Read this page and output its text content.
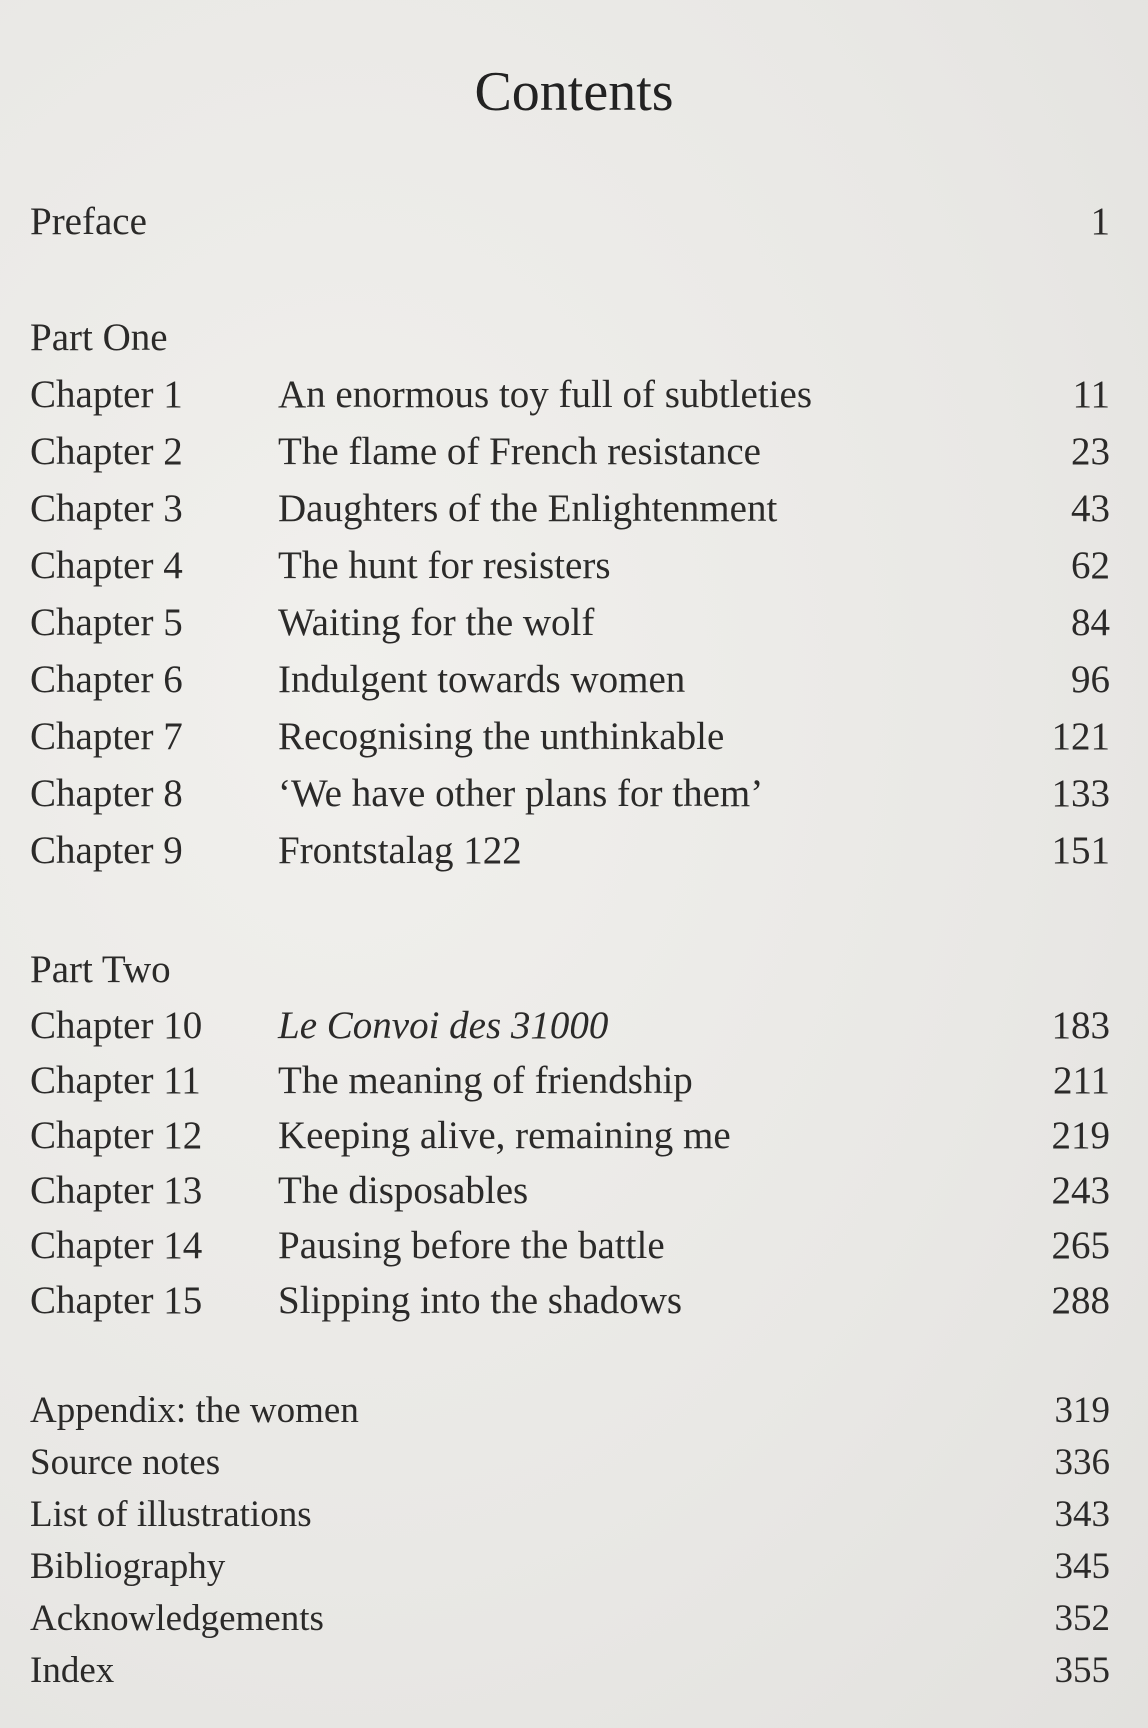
Contents
Preface	1
Part One
Chapter 1 An enormous toy full of subtleties	11
Chapter 2 The flame of French resistance	23
Chapter 3 Daughters of the Enlightenment	43
Chapter 4 The hunt for resisters	62
Chapter 5 Waiting for the wolf	84
Chapter 6 Indulgent towards women	96
Chapter 7 Recognising the unthinkable	121
Chapter 8 ‘We have other plans for them’	133
Chapter 9 Frontstalag 122	151
Part Two
Chapter 10 Le Convoi des 31000	183
Chapter 11 The meaning of friendship	211
Chapter 12 Keeping alive, remaining me	219
Chapter 13 The disposables	243
Chapter 14 Pausing before the battle	265
Chapter 15 Slipping into the shadows	288
Appendix: the women	319
Source notes	336
List of illustrations	343
Bibliography	345
Acknowledgements	352
Index	355
